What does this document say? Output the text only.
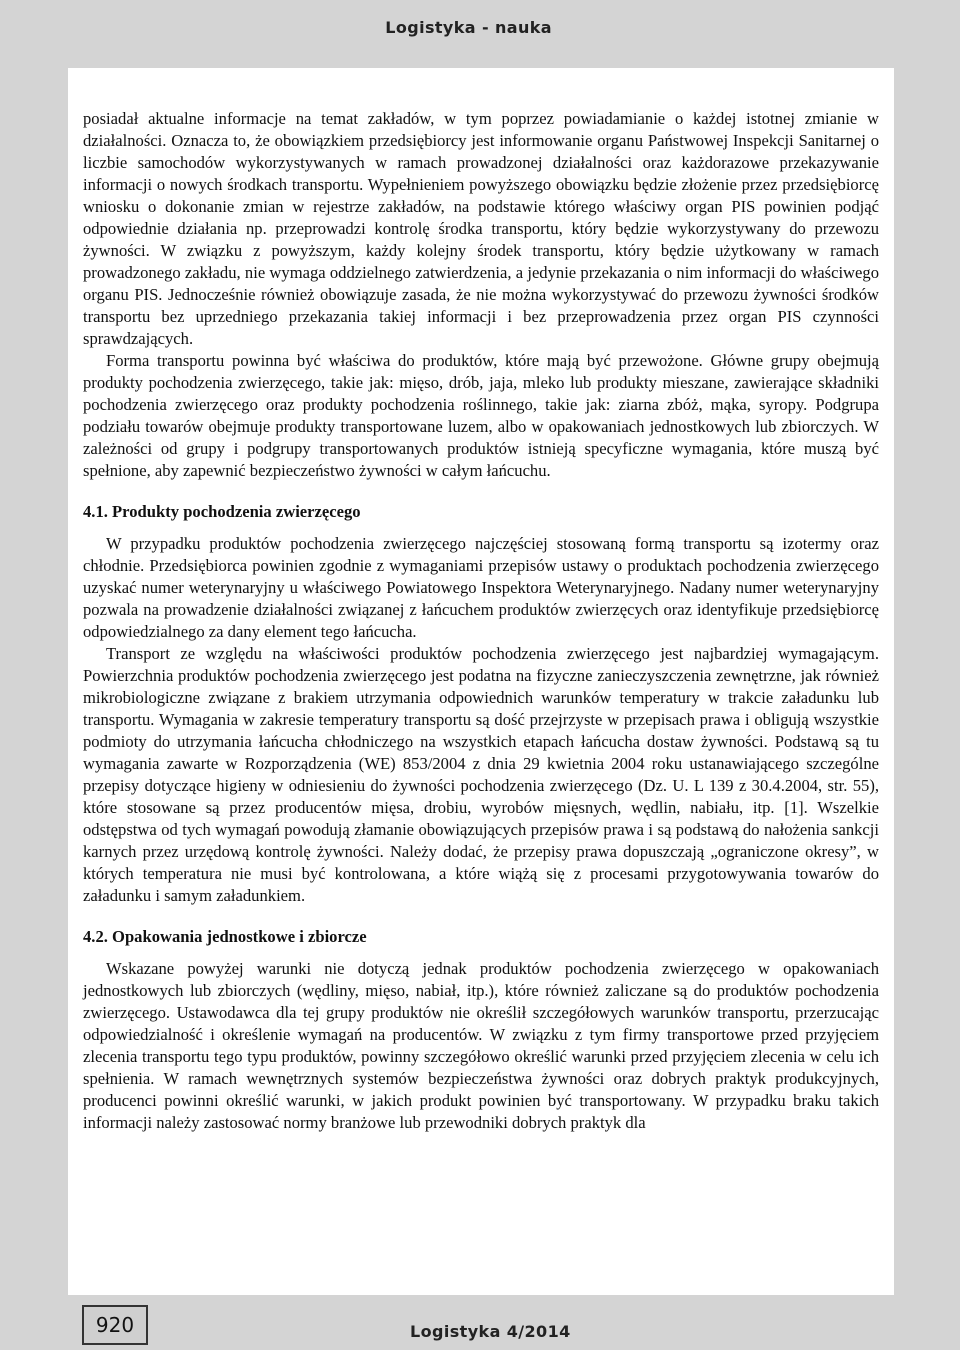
Logistyka - nauka

posiadał aktualne informacje na temat zakładów, w tym poprzez powiadamianie o każdej istotnej zmianie w działalności. Oznacza to, że obowiązkiem przedsiębiorcy jest informowanie organu Państwowej Inspekcji Sanitarnej o liczbie samochodów wykorzystywanych w ramach prowadzonej działalności oraz każdorazowe przekazywanie informacji o nowych środkach transportu. Wypełnieniem powyższego obowiązku będzie złożenie przez przedsiębiorcę wniosku o dokonanie zmian w rejestrze zakładów, na podstawie którego właściwy organ PIS powinien podjąć odpowiednie działania np. przeprowadzi kontrolę środka transportu, który będzie wykorzystywany do przewozu żywności. W związku z powyższym, każdy kolejny środek transportu, który będzie użytkowany w ramach prowadzonego zakładu, nie wymaga oddzielnego zatwierdzenia, a jedynie przekazania o nim informacji do właściwego organu PIS. Jednocześnie również obowiązuje zasada, że nie można wykorzystywać do przewozu żywności środków transportu bez uprzedniego przekazania takiej informacji i bez przeprowadzenia przez organ PIS czynności sprawdzających.

Forma transportu powinna być właściwa do produktów, które mają być przewożone. Główne grupy obejmują produkty pochodzenia zwierzęcego, takie jak: mięso, drób, jaja, mleko lub produkty mieszane, zawierające składniki pochodzenia zwierzęcego oraz produkty pochodzenia roślinnego, takie jak: ziarna zbóż, mąka, syropy. Podgrupa podziału towarów obejmuje produkty transportowane luzem, albo w opakowaniach jednostkowych lub zbiorczych. W zależności od grupy i podgrupy transportowanych produktów istnieją specyficzne wymagania, które muszą być spełnione, aby zapewnić bezpieczeństwo żywności w całym łańcuchu.

4.1. Produkty pochodzenia zwierzęcego

W przypadku produktów pochodzenia zwierzęcego najczęściej stosowaną formą transportu są izotermy oraz chłodnie. Przedsiębiorca powinien zgodnie z wymaganiami przepisów ustawy o produktach pochodzenia zwierzęcego uzyskać numer weterynaryjny u właściwego Powiatowego Inspektora Weterynaryjnego. Nadany numer weterynaryjny pozwala na prowadzenie działalności związanej z łańcuchem produktów zwierzęcych oraz identyfikuje przedsiębiorcę odpowiedzialnego za dany element tego łańcucha.

Transport ze względu na właściwości produktów pochodzenia zwierzęcego jest najbardziej wymagającym. Powierzchnia produktów pochodzenia zwierzęcego jest podatna na fizyczne zanieczyszczenia zewnętrzne, jak również mikrobiologiczne związane z brakiem utrzymania odpowiednich warunków temperatury w trakcie załadunku lub transportu. Wymagania w zakresie temperatury transportu są dość przejrzyste w przepisach prawa i obligują wszystkie podmioty do utrzymania łańcucha chłodniczego na wszystkich etapach łańcucha dostaw żywności. Podstawą są tu wymagania zawarte w Rozporządzenia (WE) 853/2004 z dnia 29 kwietnia 2004 roku ustanawiającego szczególne przepisy dotyczące higieny w odniesieniu do żywności pochodzenia zwierzęcego (Dz. U. L 139 z 30.4.2004, str. 55), które stosowane są przez producentów mięsa, drobiu, wyrobów mięsnych, wędlin, nabiału, itp. [1]. Wszelkie odstępstwa od tych wymagań powodują złamanie obowiązujących przepisów prawa i są podstawą do nałożenia sankcji karnych przez urzędową kontrolę żywności. Należy dodać, że przepisy prawa dopuszczają „ograniczone okresy”, w których temperatura nie musi być kontrolowana, a które wiążą się z procesami przygotowywania towarów do załadunku i samym załadunkiem.

4.2. Opakowania jednostkowe i zbiorcze

Wskazane powyżej warunki nie dotyczą jednak produktów pochodzenia zwierzęcego w opakowaniach jednostkowych lub zbiorczych (wędliny, mięso, nabiał, itp.), które również zaliczane są do produktów pochodzenia zwierzęcego. Ustawodawca dla tej grupy produktów nie określił szczegółowych warunków transportu, przerzucając odpowiedzialność i określenie wymagań na producentów. W związku z tym firmy transportowe przed przyjęciem zlecenia transportu tego typu produktów, powinny szczegółowo określić warunki przed przyjęciem zlecenia w celu ich spełnienia. W ramach wewnętrznych systemów bezpieczeństwa żywności oraz dobrych praktyk produkcyjnych, producenci powinni określić warunki, w jakich produkt powinien być transportowany. W przypadku braku takich informacji należy zastosować normy branżowe lub przewodniki dobrych praktyk dla

920	Logistyka 4/2014
